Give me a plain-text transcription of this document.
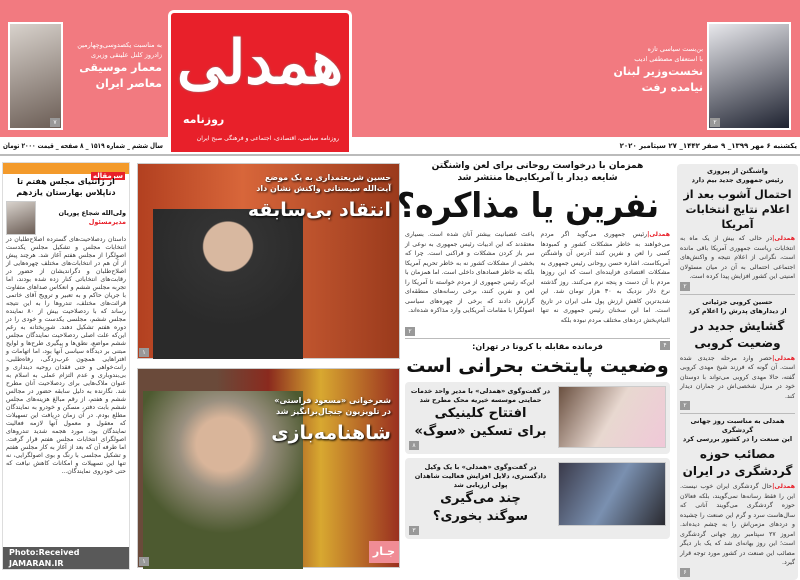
۷
به مناسبت یکصدوسی‌وچهارمین
زادروز کلنل علینقی وزیری
معمار موسیقی
معاصر ایران همدلی
روزنامه
روزنامه سیاسی، اقتصادی، اجتماعی و فرهنگی صبح ایران
۲
بن‌بست سیاسی تازه
با استعفای مصطفی ادیب
نخست‌وزیر لبنان
نیامده رفت
سال ششم _ شماره ۱۵۱۹ _ ۸ صفحه _ قیمت ۲۰۰۰ تومان	یکشنبه ۶ مهر ۱۳۹۹_ ۹ صفر ۱۴۴۲_ ۲۷ سپتامبر ۲۰۲۰
سرمقاله
از ژانتیای مجلس هفتم تا دناپلاس بهارستان یازدهم
ولی‌الله شجاع پوریان
مدیرمسئول
داستان ردصلاحیت‌های گسترده اصلاح‌طلبان در انتخابات مجلس و تشکیل مجلس یکدست اصولگرا از مجلس هفتم آغاز شد. هرچند پیش از آن هم در انتخابات‌های مختلف چهره‌هایی از اصلاح‌طلبان و دگراندیشان از حضور در رقابت‌های انتخاباتی کنار زده شده بودند، اما تجربه مجلس ششم و انعکاس صداهای متفاوت با جریان حاکم و به تعبیر و ترویج آقای خاتمی قرائت‌های مختلف، تندروها را به این نتیجه رساند که با ردصلاحیت بیش از ۸۰ نماینده مجلس ششم، مجلسی یکدست و خودی را در دوره هفتم تشکیل دهند. شوربختانه به رغم این‌که علت اصلی ردصلاحیت نمایندگان مجلس ششم مواضع، نطق‌ها و پیگیری طرح‌ها و لوایح مبتنی بر دیدگاه سیاسی آنها بود، اما اتهامات و افتراهایی همچون غرب‌زدگی، رفاه‌طلبی، رانت‌خواهی و حتی فقدان روحیه دینداری و بی‌بندوباری و عدم التزام عملی به اسلام به عنوان ملاک‌هایی برای ردصلاحیت آنان مطرح شد. نگارنده به دلیل سابقه حضور در مجالس ششم و هفتم، از رقم مبالغ هزینه‌های مجلس ششم بابت دفتر، مسکن و خودرو به نمایندگان مطلع بودم. در آن زمان دریافت این تسهیلات که معقول و معمول آنها لازمه فعالیت نمایندگان بود، مورد هجمه شدید تندروهای اصولگرای انتخابات مجلس هفتم قرار گرفت. اما طرفه آن که بعد از آغاز به کار مجلس هفتم و تشکیل مجلسی با رنگ و بوی اصولگرایی، نه تنها این تسهیلات و امکانات کاهش نیافت که حتی خودروی نمایندگان...
Photo:Received JAMARAN.IR
حسین شریعتمداری به یک موضع
آیت‌الله سیستانی واکنش نشان داد
انتقاد بی‌سابقه
۱
شعرخوانی «مسعود فراستی»
در تلویزیون جنجال‌برانگیز شد
شاهنامه‌بازی
۱
جـار
همزمان با درخواست روحانی برای لعن واشنگتن
شایعه دیدار با آمریکایی‌ها منتشر شد
نفرین یا مذاکره؟
همدلی|رئیس جمهوری می‌گوید اگر مردم می‌خواهند به خاطر مشکلات کشور و کمبودها کسی را لعن و نفرین کنند آدرس آن واشنگتن آمریکاست. اشاره حسن روحانی رئیس جمهوری به مشکلات اقتصادی فزاینده‌ای است که این روزها مردم با آن دست و پنجه نرم می‌کنند. روز گذشته نرخ دلار نزدیک به ۳۰ هزار تومان شد. این شدیدترین کاهش ارزش پول ملی ایران در تاریخ است. اما این سخنان رئیس جمهوری نه تنها التیام‌بخش دردهای مختلف مردم نبوده بلکه
باعث عصبانیت بیشتر آنان شده است. بسیاری معتقدند که این ادبیات رئیس جمهوری به نوعی از سر باز کردن مشکلات و فراکنی است. چرا که بخشی از مشکلات کشور نه به خاطر تحریم آمریکا بلکه به خاطر فسادهای داخلی است. اما همزمان با این‌که رئیس جمهوری از مردم خواسته تا آمریکا را لعن و نفرین کنند، برخی رسانه‌های منطقه‌ای گزارش دادند که برخی از چهره‌های سیاسی اصولگرا با مقامات آمریکایی وارد مذاکره شده‌اند.
۲
۴
فرمانده مقابله با کرونا در تهران:
وضعیت پایتخت بحرانی است
در گفت‌وگوی «همدلی» با مدیر واحد خدمات حمایتی موسسه خیریه محک مطرح شد
افتتاح کلینیکی
برای تسکین «سوگ»
۸
در گفت‌وگوی «همدلی» با یک وکیل دادگستری، دلایل افزایش فعالیت شاهدان پولی ارزیابی شد
چند می‌گیری
سوگند بخوری؟
۳
واشنگتن از پیروزی
رئیس جمهوری جدید بیم دارد
احتمال آشوب بعد از اعلام نتایج انتخابات آمریکا
همدلی|در حالی که بیش از یک ماه به انتخابات ریاست جمهوری آمریکا باقی مانده است، نگرانی از اعلام نتیجه و واکنش‌های اجتماعی احتمالی به آن در میان مسئولان امنیتی این کشور افزایش پیدا کرده است.
۲
حسین کروبی جزئیاتی
از دیدارهای پدرش را اعلام کرد
گشایش جدید در وضعیت کروبی
همدلی|حصر وارد مرحله جدیدی شده است. آن گونه که فرزند شیخ مهدی کروبی گفته، حالا مهدی کروبی می‌تواند با دوستان خود در منزل شخصی‌اش در جماران دیدار کند.
۲
همدلی به مناسبت روز جهانی گردشگری
این صنعت را در کشور بررسی کرد
مصائب حوزه گردشگری در ایران
همدلی|حال گردشگری ایران خوب نیست. این را فقط رسانه‌ها نمی‌گویند، بلکه فعالان حوزه گردشگری می‌گویند آنانی که سال‌هاست سرد و گرم این صنعت را چشیده و دردهای مزمن‌اش را به چشم دیده‌اند. امروز ۲۷ سپتامبر روز جهانی گردشگری است؛ این روز بهانه‌ای شد که یک بار دیگر مصائب این صنعت در کشور مورد توجه قرار گیرد.
۶
